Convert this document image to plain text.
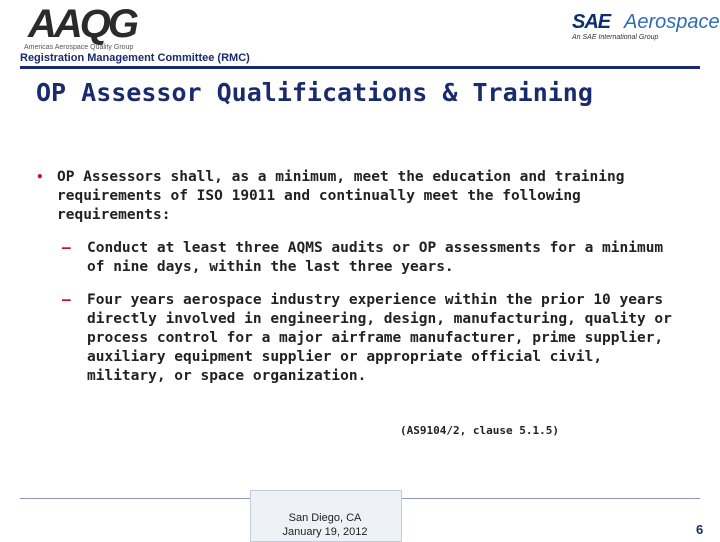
AAQG
Americas Aerospace Quality Group
SAE Aerospace
An SAE International Group
Registration Management Committee (RMC)
OP Assessor Qualifications & Training

• OP Assessors shall, as a minimum, meet the education and training requirements of ISO 19011 and continually meet the following requirements:

– Conduct at least three AQMS audits or OP assessments for a minimum of nine days, within the last three years.

– Four years aerospace industry experience within the prior 10 years directly involved in engineering, design, manufacturing, quality or process control for a major airframe manufacturer, prime supplier, auxiliary equipment supplier or appropriate official civil, military, or space organization.

(AS9104/2, clause 5.1.5)
San Diego, CA
January 19, 2012	6
